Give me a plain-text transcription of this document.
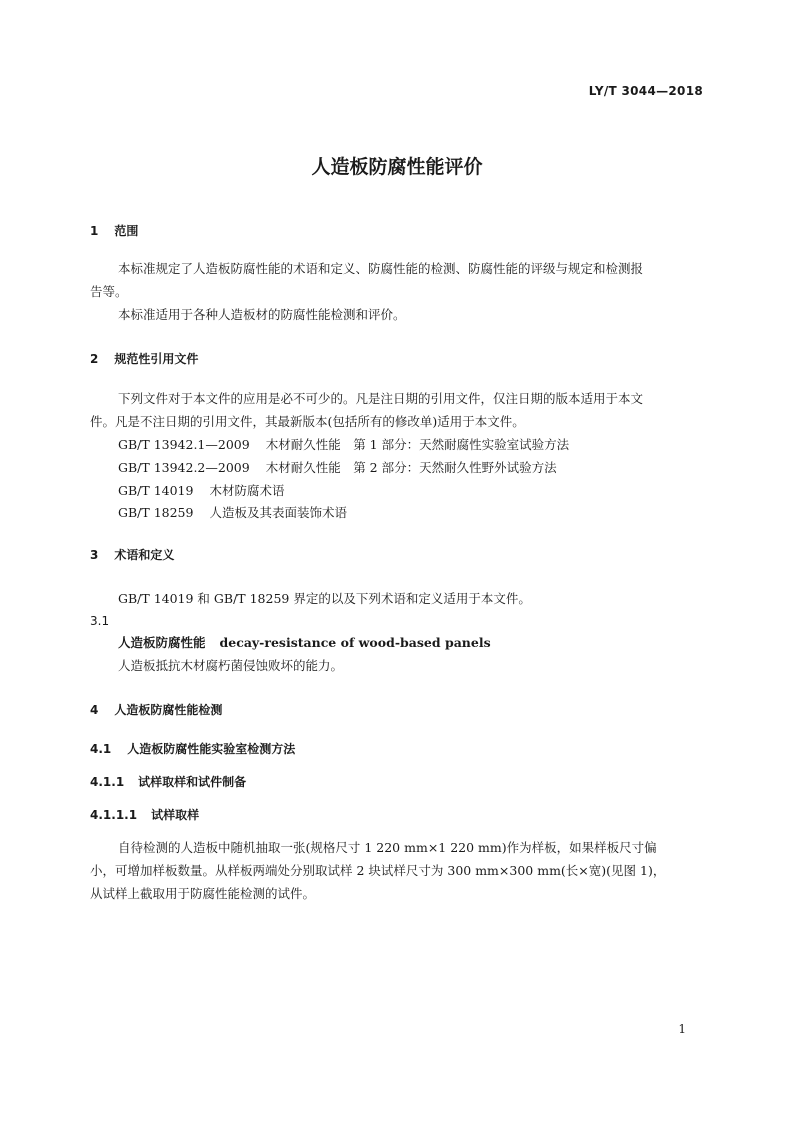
LY/T 3044—2018
人造板防腐性能评价
1 范围
本标准规定了人造板防腐性能的术语和定义、防腐性能的检测、防腐性能的评级与规定和检测报
告等。
本标准适用于各种人造板材的防腐性能检测和评价。
2 规范性引用文件
下列文件对于本文件的应用是必不可少的。凡是注日期的引用文件，仅注日期的版本适用于本文
件。凡是不注日期的引用文件，其最新版本(包括所有的修改单)适用于本文件。
GB/T 13942.1—2009 木材耐久性能　第 1 部分：天然耐腐性实验室试验方法
GB/T 13942.2—2009 木材耐久性能　第 2 部分：天然耐久性野外试验方法
GB/T 14019 木材防腐术语
GB/T 18259 人造板及其表面装饰术语
3 术语和定义
GB/T 14019 和 GB/T 18259 界定的以及下列术语和定义适用于本文件。
3.1
人造板防腐性能 decay-resistance of wood-based panels
人造板抵抗木材腐朽菌侵蚀败坏的能力。
4 人造板防腐性能检测
4.1 人造板防腐性能实验室检测方法
4.1.1 试样取样和试件制备
4.1.1.1 试样取样
自待检测的人造板中随机抽取一张(规格尺寸 1 220 mm×1 220 mm)作为样板，如果样板尺寸偏
小，可增加样板数量。从样板两端处分别取试样 2 块试样尺寸为 300 mm×300 mm(长×宽)(见图 1)，
从试样上截取用于防腐性能检测的试件。
1
